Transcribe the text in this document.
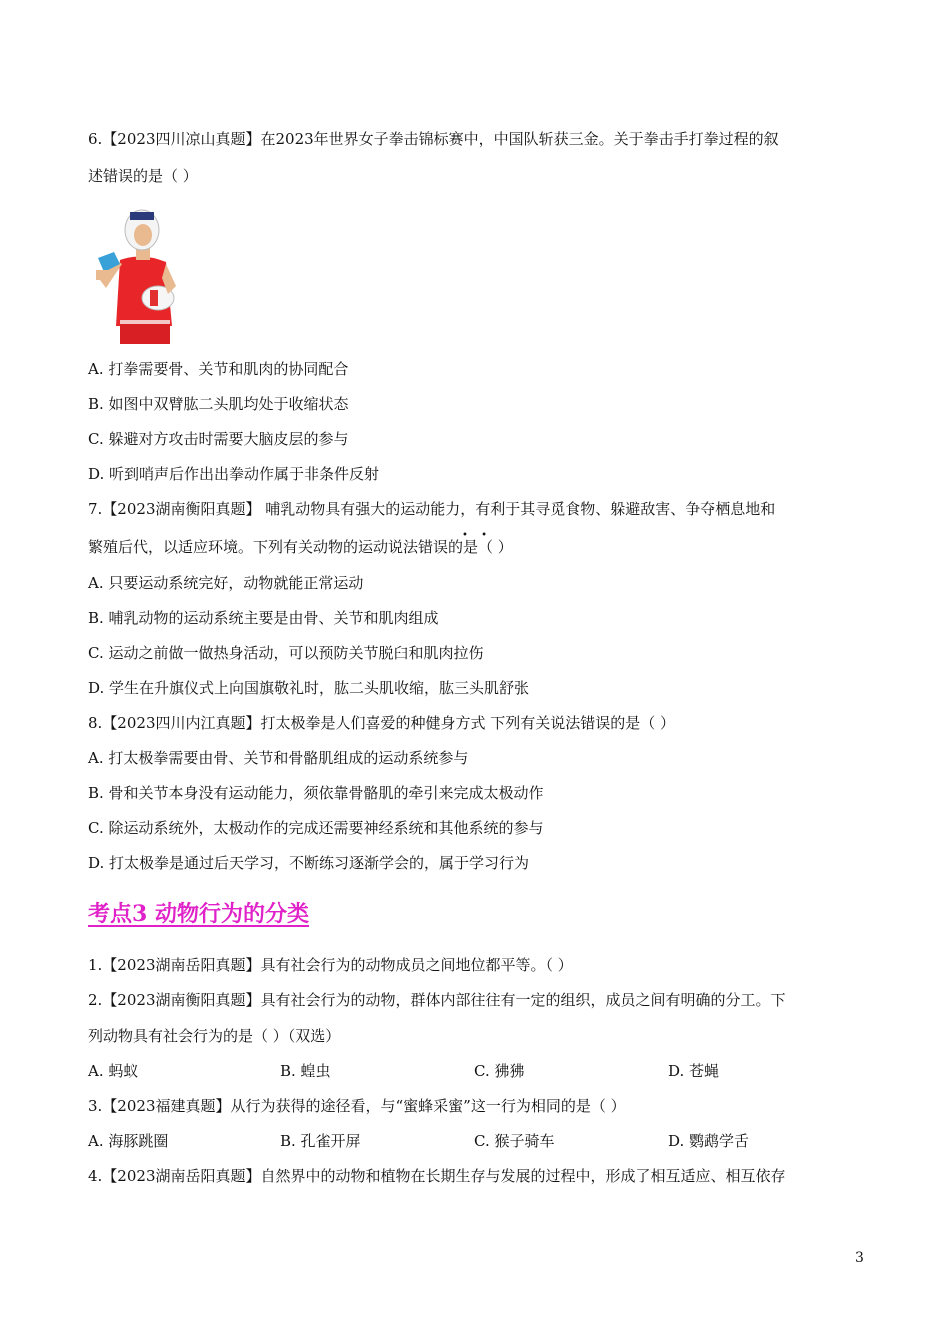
6.【2023四川凉山真题】在2023年世界女子拳击锦标赛中，中国队斩获三金。关于拳击手打拳过程的叙
述错误的是（ ）
A. 打拳需要骨、关节和肌肉的协同配合
B. 如图中双臂肱二头肌均处于收缩状态
C. 躲避对方攻击时需要大脑皮层的参与
D. 听到哨声后作出出拳动作属于非条件反射
7.【2023湖南衡阳真题】 哺乳动物具有强大的运动能力，有利于其寻觅食物、躲避敌害、争夺栖息地和
• •
繁殖后代，以适应环境。下列有关动物的运动说法错误的是（ ）
A. 只要运动系统完好，动物就能正常运动
B. 哺乳动物的运动系统主要是由骨、关节和肌肉组成
C. 运动之前做一做热身活动，可以预防关节脱臼和肌肉拉伤
D. 学生在升旗仪式上向国旗敬礼时，肱二头肌收缩，肱三头肌舒张
8.【2023四川内江真题】打太极拳是人们喜爱的种健身方式 下列有关说法错误的是（ ）
A. 打太极拳需要由骨、关节和骨骼肌组成的运动系统参与
B. 骨和关节本身没有运动能力，须依靠骨骼肌的牵引来完成太极动作
C. 除运动系统外，太极动作的完成还需要神经系统和其他系统的参与
D. 打太极拳是通过后天学习，不断练习逐渐学会的，属于学习行为
考点3 动物行为的分类
1.【2023湖南岳阳真题】具有社会行为的动物成员之间地位都平等。（ ）
2.【2023湖南衡阳真题】具有社会行为的动物，群体内部往往有一定的组织，成员之间有明确的分工。下
列动物具有社会行为的是（ ）（双选）
A. 蚂蚁	B. 蝗虫	C. 狒狒	D. 苍蝇
3.【2023福建真题】从行为获得的途径看，与“蜜蜂采蜜”这一行为相同的是（ ）
A. 海豚跳圈	B. 孔雀开屏	C. 猴子骑车	D. 鹦鹉学舌
4.【2023湖南岳阳真题】自然界中的动物和植物在长期生存与发展的过程中，形成了相互适应、相互依存
3
